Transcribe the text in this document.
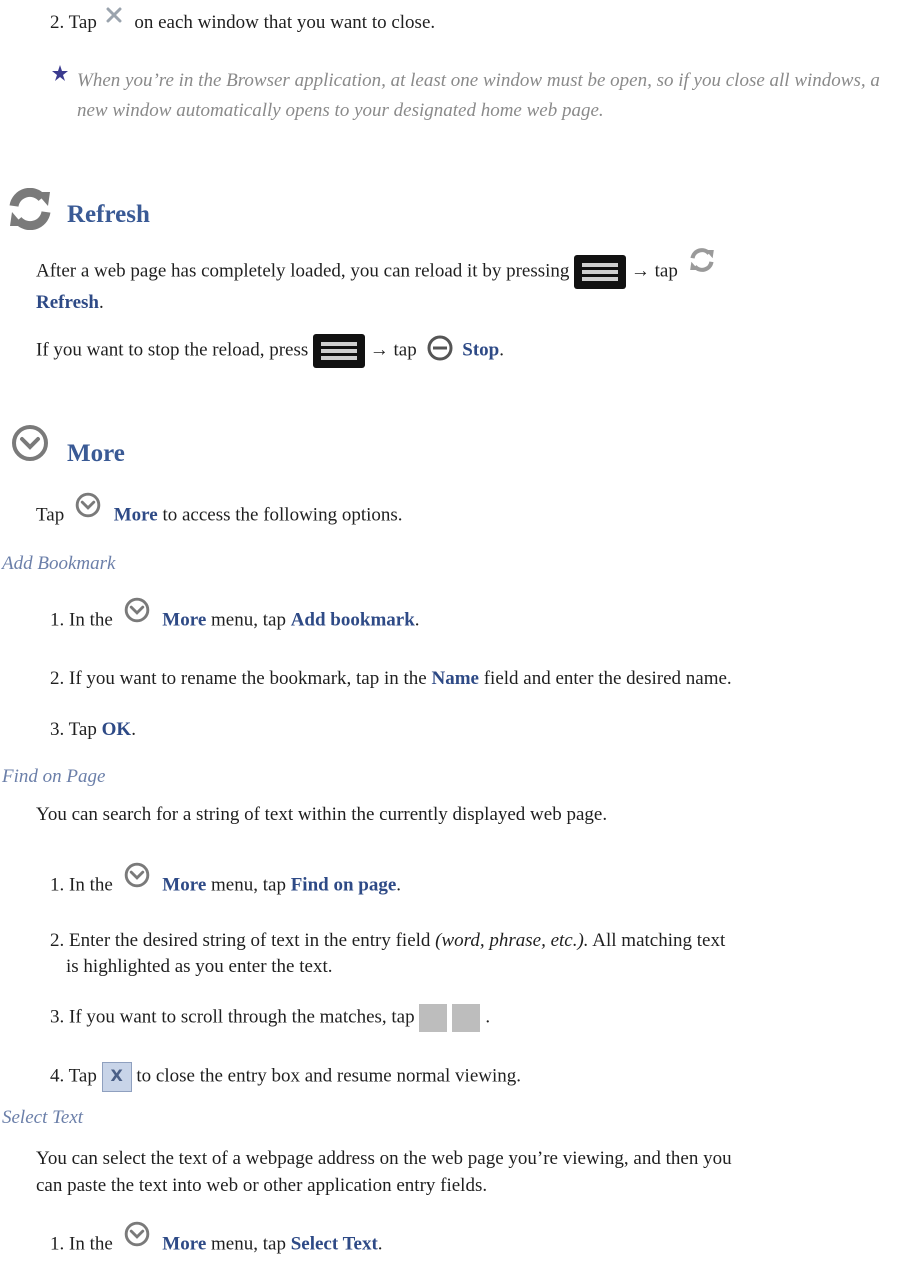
2. Tap on each window that you want to close.

When you’re in the Browser application, at least one window must be open, so if you close all windows, a new window automatically opens to your designated home web page.

Refresh

After a web page has completely loaded, you can reload it by pressing	→ tap
Refresh.

If you want to stop the reload, press	→ tap Stop.

More

Tap	More to access the following options.

Add Bookmark

1. In the	More menu, tap Add bookmark.

2. If you want to rename the bookmark, tap in the Name field and enter the desired name.

3. Tap OK.

Find on Page

You can search for a string of text within the currently displayed web page.

1. In the	More menu, tap Find on page.

2. Enter the desired string of text in the entry field (word, phrase, etc.). All matching text
is highlighted as you enter the text.

3. If you want to scroll through the matches, tap	.

4. Tap X to close the entry box and resume normal viewing.

Select Text

You can select the text of a webpage address on the web page you’re viewing, and then you
can paste the text into web or other application entry fields.

1. In the	More menu, tap Select Text.
